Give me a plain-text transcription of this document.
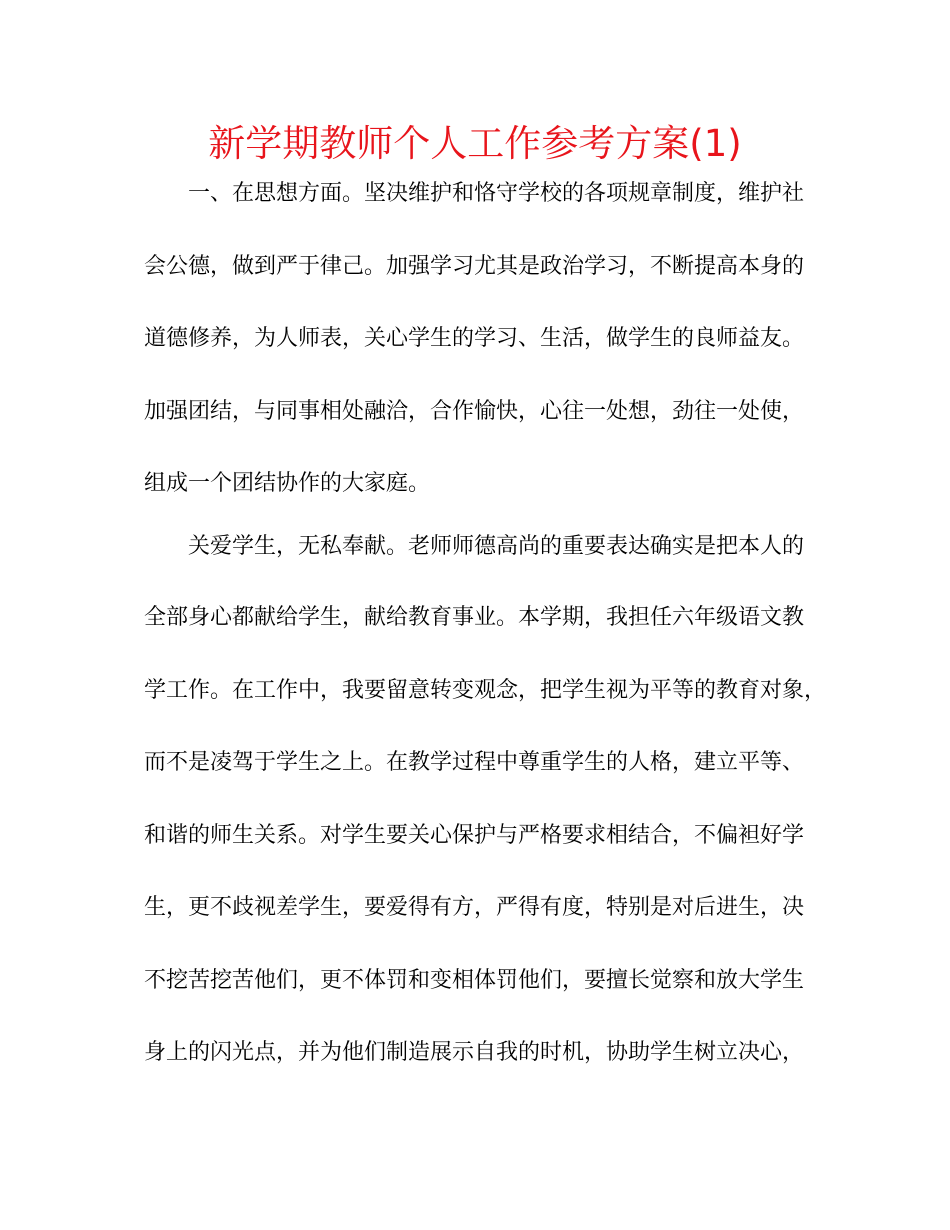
新学期教师个人工作参考方案(1)
一、在思想方面。坚决维护和恪守学校的各项规章制度，维护社
会公德，做到严于律己。加强学习尤其是政治学习，不断提高本身的
道德修养，为人师表，关心学生的学习、生活，做学生的良师益友。
加强团结，与同事相处融洽，合作愉快，心往一处想，劲往一处使，
组成一个团结协作的大家庭。
关爱学生，无私奉献。老师师德高尚的重要表达确实是把本人的
全部身心都献给学生，献给教育事业。本学期，我担任六年级语文教
学工作。在工作中，我要留意转变观念，把学生视为平等的教育对象，
而不是凌驾于学生之上。在教学过程中尊重学生的人格，建立平等、
和谐的师生关系。对学生要关心保护与严格要求相结合，不偏袒好学
生，更不歧视差学生，要爱得有方，严得有度，特别是对后进生，决
不挖苦挖苦他们，更不体罚和变相体罚他们，要擅长觉察和放大学生
身上的闪光点，并为他们制造展示自我的时机，协助学生树立决心，
